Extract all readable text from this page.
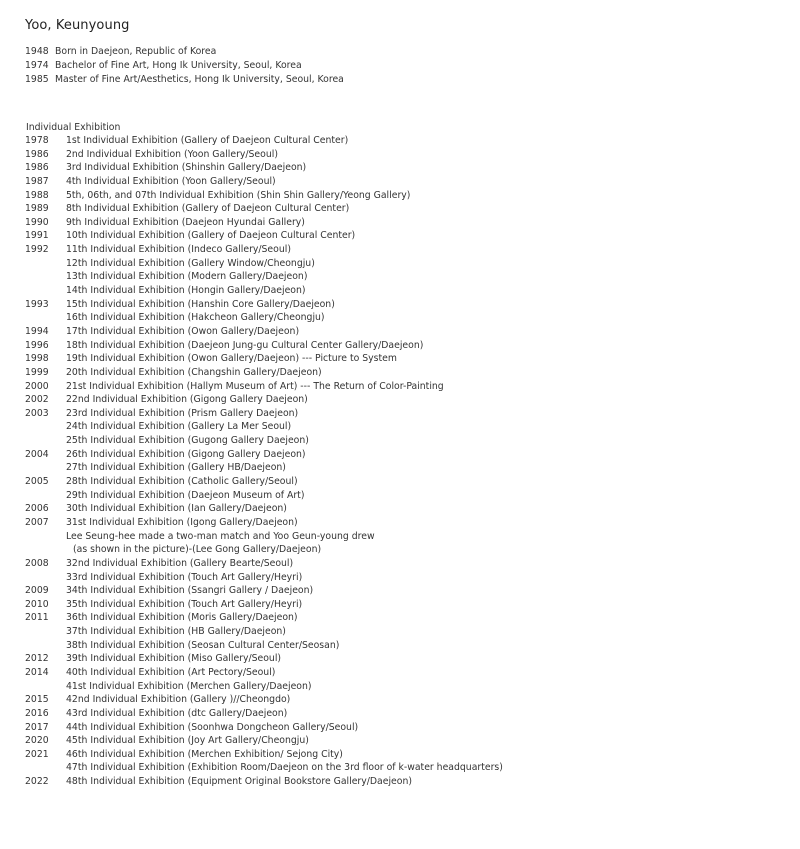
Yoo, Keunyoung
1948 Born in Daejeon, Republic of Korea
1974 Bachelor of Fine Art, Hong Ik University, Seoul, Korea
1985 Master of Fine Art/Aesthetics, Hong Ik University, Seoul, Korea
Individual Exhibition
1978	1st Individual Exhibition (Gallery of Daejeon Cultural Center)
1986	2nd Individual Exhibition (Yoon Gallery/Seoul)
1986	3rd Individual Exhibition (Shinshin Gallery/Daejeon)
1987	4th Individual Exhibition (Yoon Gallery/Seoul)
1988	5th, 06th, and 07th Individual Exhibition (Shin Shin Gallery/Yeong Gallery)
1989	8th Individual Exhibition (Gallery of Daejeon Cultural Center)
1990	9th Individual Exhibition (Daejeon Hyundai Gallery)
1991	10th Individual Exhibition (Gallery of Daejeon Cultural Center)
1992	11th Individual Exhibition (Indeco Gallery/Seoul)
12th Individual Exhibition (Gallery Window/Cheongju)
13th Individual Exhibition (Modern Gallery/Daejeon)
14th Individual Exhibition (Hongin Gallery/Daejeon)
1993	15th Individual Exhibition (Hanshin Core Gallery/Daejeon)
16th Individual Exhibition (Hakcheon Gallery/Cheongju)
1994	17th Individual Exhibition (Owon Gallery/Daejeon)
1996	18th Individual Exhibition (Daejeon Jung-gu Cultural Center Gallery/Daejeon)
1998	19th Individual Exhibition (Owon Gallery/Daejeon) --- Picture to System
1999	20th Individual Exhibition (Changshin Gallery/Daejeon)
2000	21st Individual Exhibition (Hallym Museum of Art) --- The Return of Color-Painting
2002	22nd Individual Exhibition (Gigong Gallery Daejeon)
2003	23rd Individual Exhibition (Prism Gallery Daejeon)
24th Individual Exhibition (Gallery La Mer Seoul)
25th Individual Exhibition (Gugong Gallery Daejeon)
2004	26th Individual Exhibition (Gigong Gallery Daejeon)
27th Individual Exhibition (Gallery HB/Daejeon)
2005	28th Individual Exhibition (Catholic Gallery/Seoul)
29th Individual Exhibition (Daejeon Museum of Art)
2006	30th Individual Exhibition (Ian Gallery/Daejeon)
2007	31st Individual Exhibition (Igong Gallery/Daejeon)
Lee Seung-hee made a two-man match and Yoo Geun-young drew
(as shown in the picture)-(Lee Gong Gallery/Daejeon)
2008	32nd Individual Exhibition (Gallery Bearte/Seoul)
33rd Individual Exhibition (Touch Art Gallery/Heyri)
2009	34th Individual Exhibition (Ssangri Gallery / Daejeon)
2010	35th Individual Exhibition (Touch Art Gallery/Heyri)
2011	36th Individual Exhibition (Moris Gallery/Daejeon)
37th Individual Exhibition (HB Gallery/Daejeon)
38th Individual Exhibition (Seosan Cultural Center/Seosan)
2012	39th Individual Exhibition (Miso Gallery/Seoul)
2014	40th Individual Exhibition (Art Pectory/Seoul)
41st Individual Exhibition (Merchen Gallery/Daejeon)
2015	42nd Individual Exhibition (Gallery )//Cheongdo)
2016	43rd Individual Exhibition (dtc Gallery/Daejeon)
2017	44th Individual Exhibition (Soonhwa Dongcheon Gallery/Seoul)
2020	45th Individual Exhibition (Joy Art Gallery/Cheongju)
2021	46th Individual Exhibition (Merchen Exhibition/ Sejong City)
47th Individual Exhibition (Exhibition Room/Daejeon on the 3rd floor of k-water headquarters)
2022	48th Individual Exhibition (Equipment Original Bookstore Gallery/Daejeon)
